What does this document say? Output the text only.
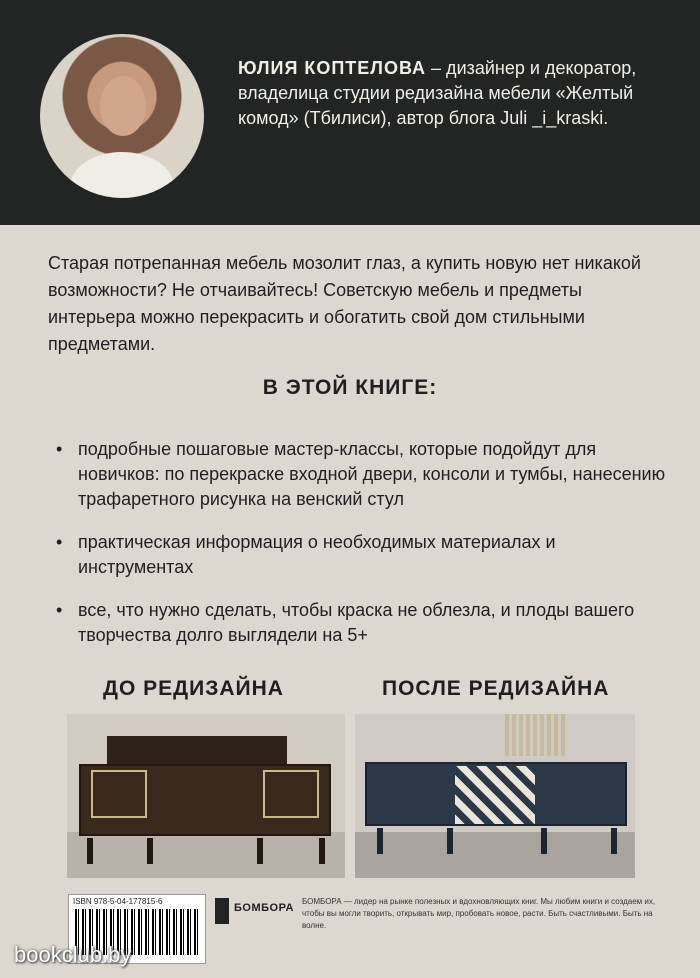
ЮЛИЯ КОПТЕЛОВА – дизайнер и декоратор, владелица студии редизайна мебели «Желтый комод» (Тбилиси), автор блога Juli _i_kraski.

Старая потрепанная мебель мозолит глаз, а купить новую нет никакой возможности? Не отчаивайтесь! Советскую мебель и предметы интерьера можно перекрасить и обогатить свой дом стильными предметами.

В ЭТОЙ КНИГЕ:
• подробные пошаговые мастер-классы, которые подойдут для новичков: по перекраске входной двери, консоли и тумбы, нанесению трафаретного рисунка на венский стул
• практическая информация о необходимых материалах и инструментах
• все, что нужно сделать, чтобы краска не облезла, и плоды вашего творчества долго выглядели на 5+
ДО РЕДИЗАЙНА	ПОСЛЕ РЕДИЗАЙНА
ISBN 978-5-04-177815-6
БОМБОРА

БОМБОРА — лидер на рынке полезных и вдохновляющих книг. Мы любим книги и создаем их, чтобы вы могли творить, открывать мир, пробовать новое, расти. Быть счастливыми. Быть на волне.

bookclub.by
